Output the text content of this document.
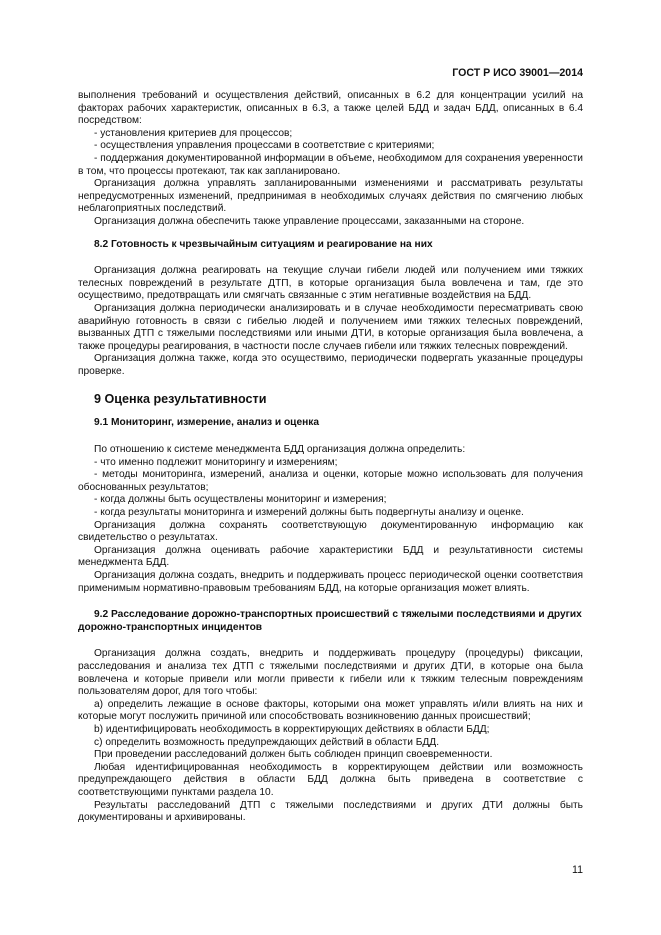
ГОСТ Р ИСО 39001—2014

выполнения требований и осуществления действий, описанных в 6.2 для концентрации усилий на факторах рабочих характеристик, описанных в 6.3, а также целей БДД и задач БДД, описанных в 6.4 посредством:

- установления критериев для процессов;

- осуществления управления процессами в соответствие с критериями;

- поддержания документированной информации в объеме, необходимом для сохранения уверенности в том, что процессы протекают, так как запланировано.

Организация должна управлять запланированными изменениями и рассматривать результаты непредусмотренных изменений, предпринимая в необходимых случаях действия по смягчению любых неблагоприятных последствий.

Организация должна обеспечить также управление процессами, заказанными на стороне.

8.2 Готовность к чрезвычайным ситуациям и реагирование на них

Организация должна реагировать на текущие случаи гибели людей или получением ими тяжких телесных повреждений в результате ДТП, в которые организация была вовлечена и там, где это осуществимо, предотвращать или смягчать связанные с этим негативные воздействия на БДД.

Организация должна периодически анализировать и в случае необходимости пересматривать свою аварийную готовность в связи с гибелью людей и получением ими тяжких телесных повреждений, вызванных ДТП с тяжелыми последствиями или иными ДТИ, в которые организация была вовлечена, а также процедуры реагирования, в частности после случаев гибели или тяжких телесных повреждений.

Организация должна также, когда это осуществимо, периодически подвергать указанные процедуры проверке.

9 Оценка результативности

9.1 Мониторинг, измерение, анализ и оценка

По отношению к системе менеджмента БДД организация должна определить:

- что именно подлежит мониторингу и измерениям;

- методы мониторинга, измерений, анализа и оценки, которые можно использовать для получения обоснованных результатов;

- когда должны быть осуществлены мониторинг и измерения;

- когда результаты мониторинга и измерений должны быть подвергнуты анализу и оценке.

Организация должна сохранять соответствующую документированную информацию как свидетельство о результатах.

Организация должна оценивать рабочие характеристики БДД и результативности системы менеджмента БДД.

Организация должна создать, внедрить и поддерживать процесс периодической оценки соответствия применимым нормативно-правовым требованиям БДД, на которые организация может влиять.

9.2 Расследование дорожно-транспортных происшествий с тяжелыми последствиями и других дорожно-транспортных инцидентов

Организация должна создать, внедрить и поддерживать процедуру (процедуры) фиксации, расследования и анализа тех ДТП с тяжелыми последствиями и других ДТИ, в которые она была вовлечена и которые привели или могли привести к гибели или к тяжким телесным повреждениям пользователям дорог, для того чтобы:

a) определить лежащие в основе факторы, которыми она может управлять и/или влиять на них и которые могут послужить причиной или способствовать возникновению данных происшествий;

b) идентифицировать необходимость в корректирующих действиях в области БДД;

c) определить возможность предупреждающих действий в области БДД.

При проведении расследований должен быть соблюден принцип своевременности.

Любая идентифицированная необходимость в корректирующем действии или возможность предупреждающего действия в области БДД должна быть приведена в соответствие с соответствующими пунктами раздела 10.

Результаты расследований ДТП с тяжелыми последствиями и других ДТИ должны быть документированы и архивированы.

11
